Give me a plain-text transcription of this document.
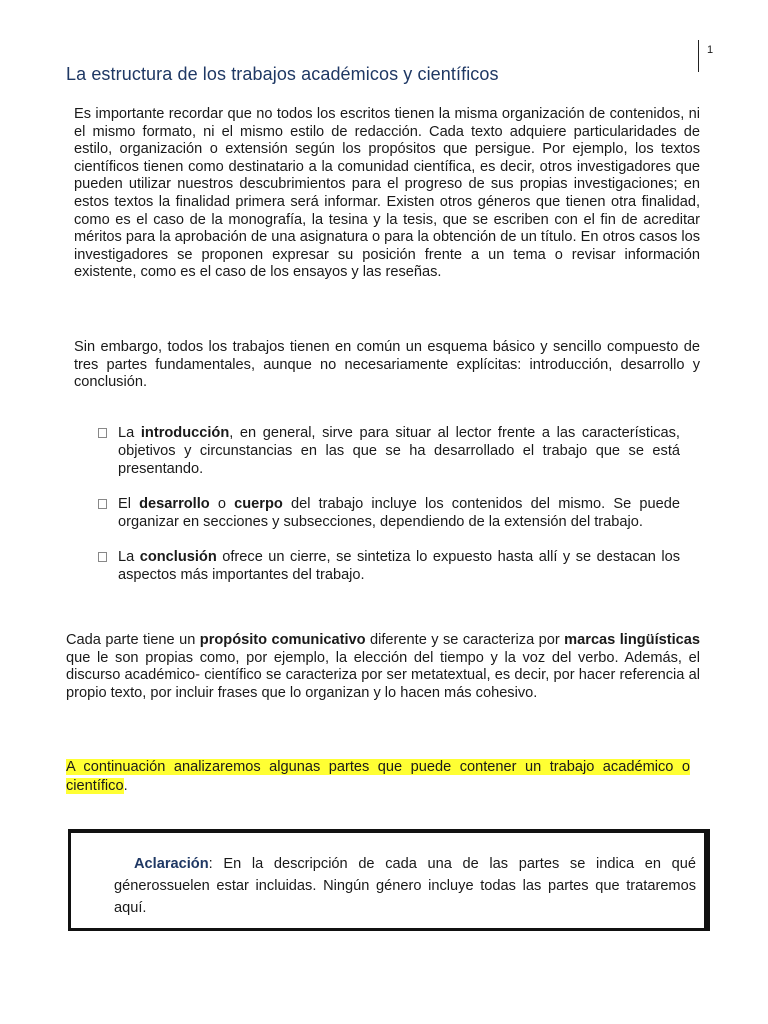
1
La estructura de los trabajos académicos y científicos

Es importante recordar que no todos los escritos tienen la misma organización de contenidos, ni el mismo formato, ni el mismo estilo de redacción. Cada texto adquiere particularidades de estilo, organización o extensión según los propósitos que persigue. Por ejemplo, los textos científicos tienen como destinatario a la comunidad científica, es decir, otros investigadores que pueden utilizar nuestros descubrimientos para el progreso de sus propias investigaciones; en estos textos la finalidad primera será informar. Existen otros géneros que tienen otra finalidad, como es el caso de la monografía, la tesina y la tesis, que se escriben con el fin de acreditar méritos para la aprobación de una asignatura o para la obtención de un título. En otros casos los investigadores se proponen expresar su posición frente a un tema o revisar información existente, como es el caso de los ensayos y las reseñas.

Sin embargo, todos los trabajos tienen en común un esquema básico y sencillo compuesto de tres partes fundamentales, aunque no necesariamente explícitas: introducción, desarrollo y conclusión.

La introducción, en general, sirve para situar al lector frente a las características, objetivos y circunstancias en las que se ha desarrollado el trabajo que se está presentando.
El desarrollo o cuerpo del trabajo incluye los contenidos del mismo. Se puede organizar en secciones y subsecciones, dependiendo de la extensión del trabajo.
La conclusión ofrece un cierre, se sintetiza lo expuesto hasta allí y se destacan los aspectos más importantes del trabajo.

Cada parte tiene un propósito comunicativo diferente y se caracteriza por marcas lingüísticas que le son propias como, por ejemplo, la elección del tiempo y la voz del verbo. Además, el discurso académico- científico se caracteriza por ser metatextual, es decir, por hacer referencia al propio texto, por incluir frases que lo organizan y lo hacen más cohesivo.

A continuación analizaremos algunas partes que puede contener un trabajo académico o científico.

Aclaración: En la descripción de cada una de las partes se indica en qué génerossuelen estar incluidas. Ningún género incluye todas las partes que trataremos aquí.
